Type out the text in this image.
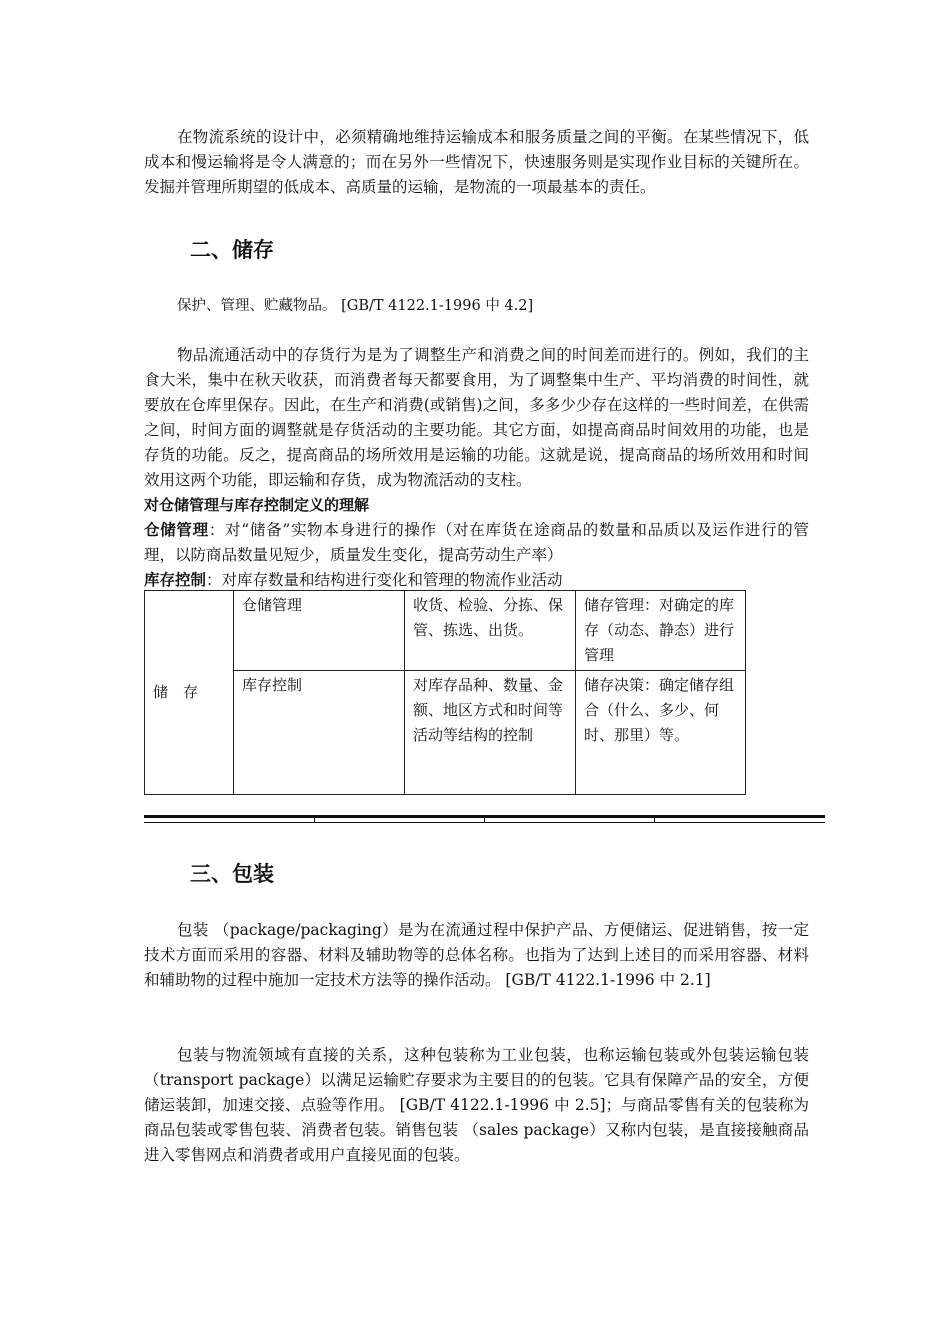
在物流系统的设计中，必须精确地维持运输成本和服务质量之间的平衡。在某些情况下，低成本和慢运输将是令人满意的；而在另外一些情况下，快速服务则是实现作业目标的关键所在。发掘并管理所期望的低成本、高质量的运输，是物流的一项最基本的责任。

二、储存

保护、管理、贮藏物品。 [GB/T 4122.1-1996 中 4.2]

物品流通活动中的存货行为是为了调整生产和消费之间的时间差而进行的。例如，我们的主食大米，集中在秋天收获，而消费者每天都要食用，为了调整集中生产、平均消费的时间性，就要放在仓库里保存。因此，在生产和消费(或销售)之间，多多少少存在这样的一些时间差，在供需之间，时间方面的调整就是存货活动的主要功能。其它方面，如提高商品时间效用的功能，也是存货的功能。反之，提高商品的场所效用是运输的功能。这就是说，提高商品的场所效用和时间效用这两个功能，即运输和存货，成为物流活动的支柱。

对仓储管理与库存控制定义的理解

仓储管理：对“储备”实物本身进行的操作（对在库货在途商品的数量和品质以及运作进行的管理，以防商品数量见短少，质量发生变化，提高劳动生产率）

库存控制：对库存数量和结构进行变化和管理的物流作业活动

储　存	仓储管理	收货、检验、分拣、保管、拣选、出货。	储存管理：对确定的库存（动态、静态）进行管理
	库存控制	对库存品种、数量、金额、地区方式和时间等活动等结构的控制	储存决策：确定储存组合（什么、多少、何时、那里）等。
三、包装

包装 （package/packaging）是为在流通过程中保护产品、方便储运、促进销售，按一定技术方面而采用的容器、材料及辅助物等的总体名称。也指为了达到上述目的而采用容器、材料和辅助物的过程中施加一定技术方法等的操作活动。 [GB/T 4122.1-1996 中 2.1]

包装与物流领域有直接的关系，这种包装称为工业包装，也称运输包装或外包装运输包装 （transport package）以满足运输贮存要求为主要目的的包装。它具有保障产品的安全，方便储运装卸，加速交接、点验等作用。 [GB/T 4122.1-1996 中 2.5]；与商品零售有关的包装称为商品包装或零售包装、消费者包装。销售包装 （sales package）又称内包装，是直接接触商品进入零售网点和消费者或用户直接见面的包装。
